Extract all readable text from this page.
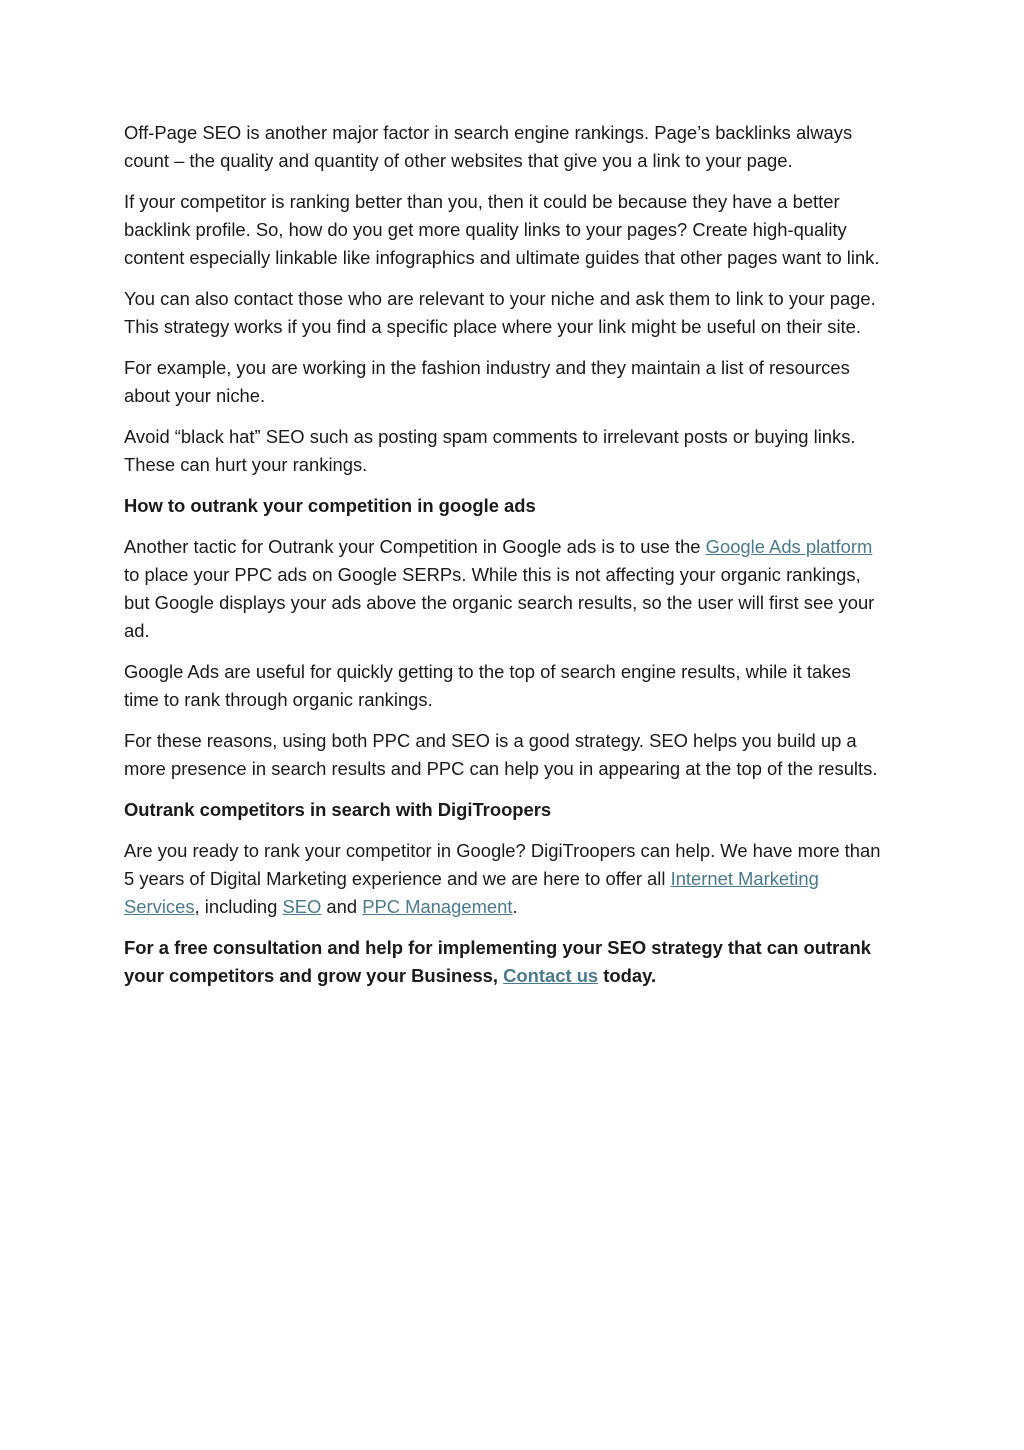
Off-Page SEO is another major factor in search engine rankings. Page’s backlinks always count – the quality and quantity of other websites that give you a link to your page.

If your competitor is ranking better than you, then it could be because they have a better backlink profile. So, how do you get more quality links to your pages? Create high-quality content especially linkable like infographics and ultimate guides that other pages want to link.

You can also contact those who are relevant to your niche and ask them to link to your page. This strategy works if you find a specific place where your link might be useful on their site.

For example, you are working in the fashion industry and they maintain a list of resources about your niche.

Avoid “black hat” SEO such as posting spam comments to irrelevant posts or buying links. These can hurt your rankings.

How to outrank your competition in google ads

Another tactic for Outrank your Competition in Google ads is to use the Google Ads platform to place your PPC ads on Google SERPs. While this is not affecting your organic rankings, but Google displays your ads above the organic search results, so the user will first see your ad.

Google Ads are useful for quickly getting to the top of search engine results, while it takes time to rank through organic rankings.

For these reasons, using both PPC and SEO is a good strategy. SEO helps you build up a more presence in search results and PPC can help you in appearing at the top of the results.

Outrank competitors in search with DigiTroopers

Are you ready to rank your competitor in Google? DigiTroopers can help. We have more than 5 years of Digital Marketing experience and we are here to offer all Internet Marketing Services, including SEO and PPC Management.

For a free consultation and help for implementing your SEO strategy that can outrank your competitors and grow your Business, Contact us today.
